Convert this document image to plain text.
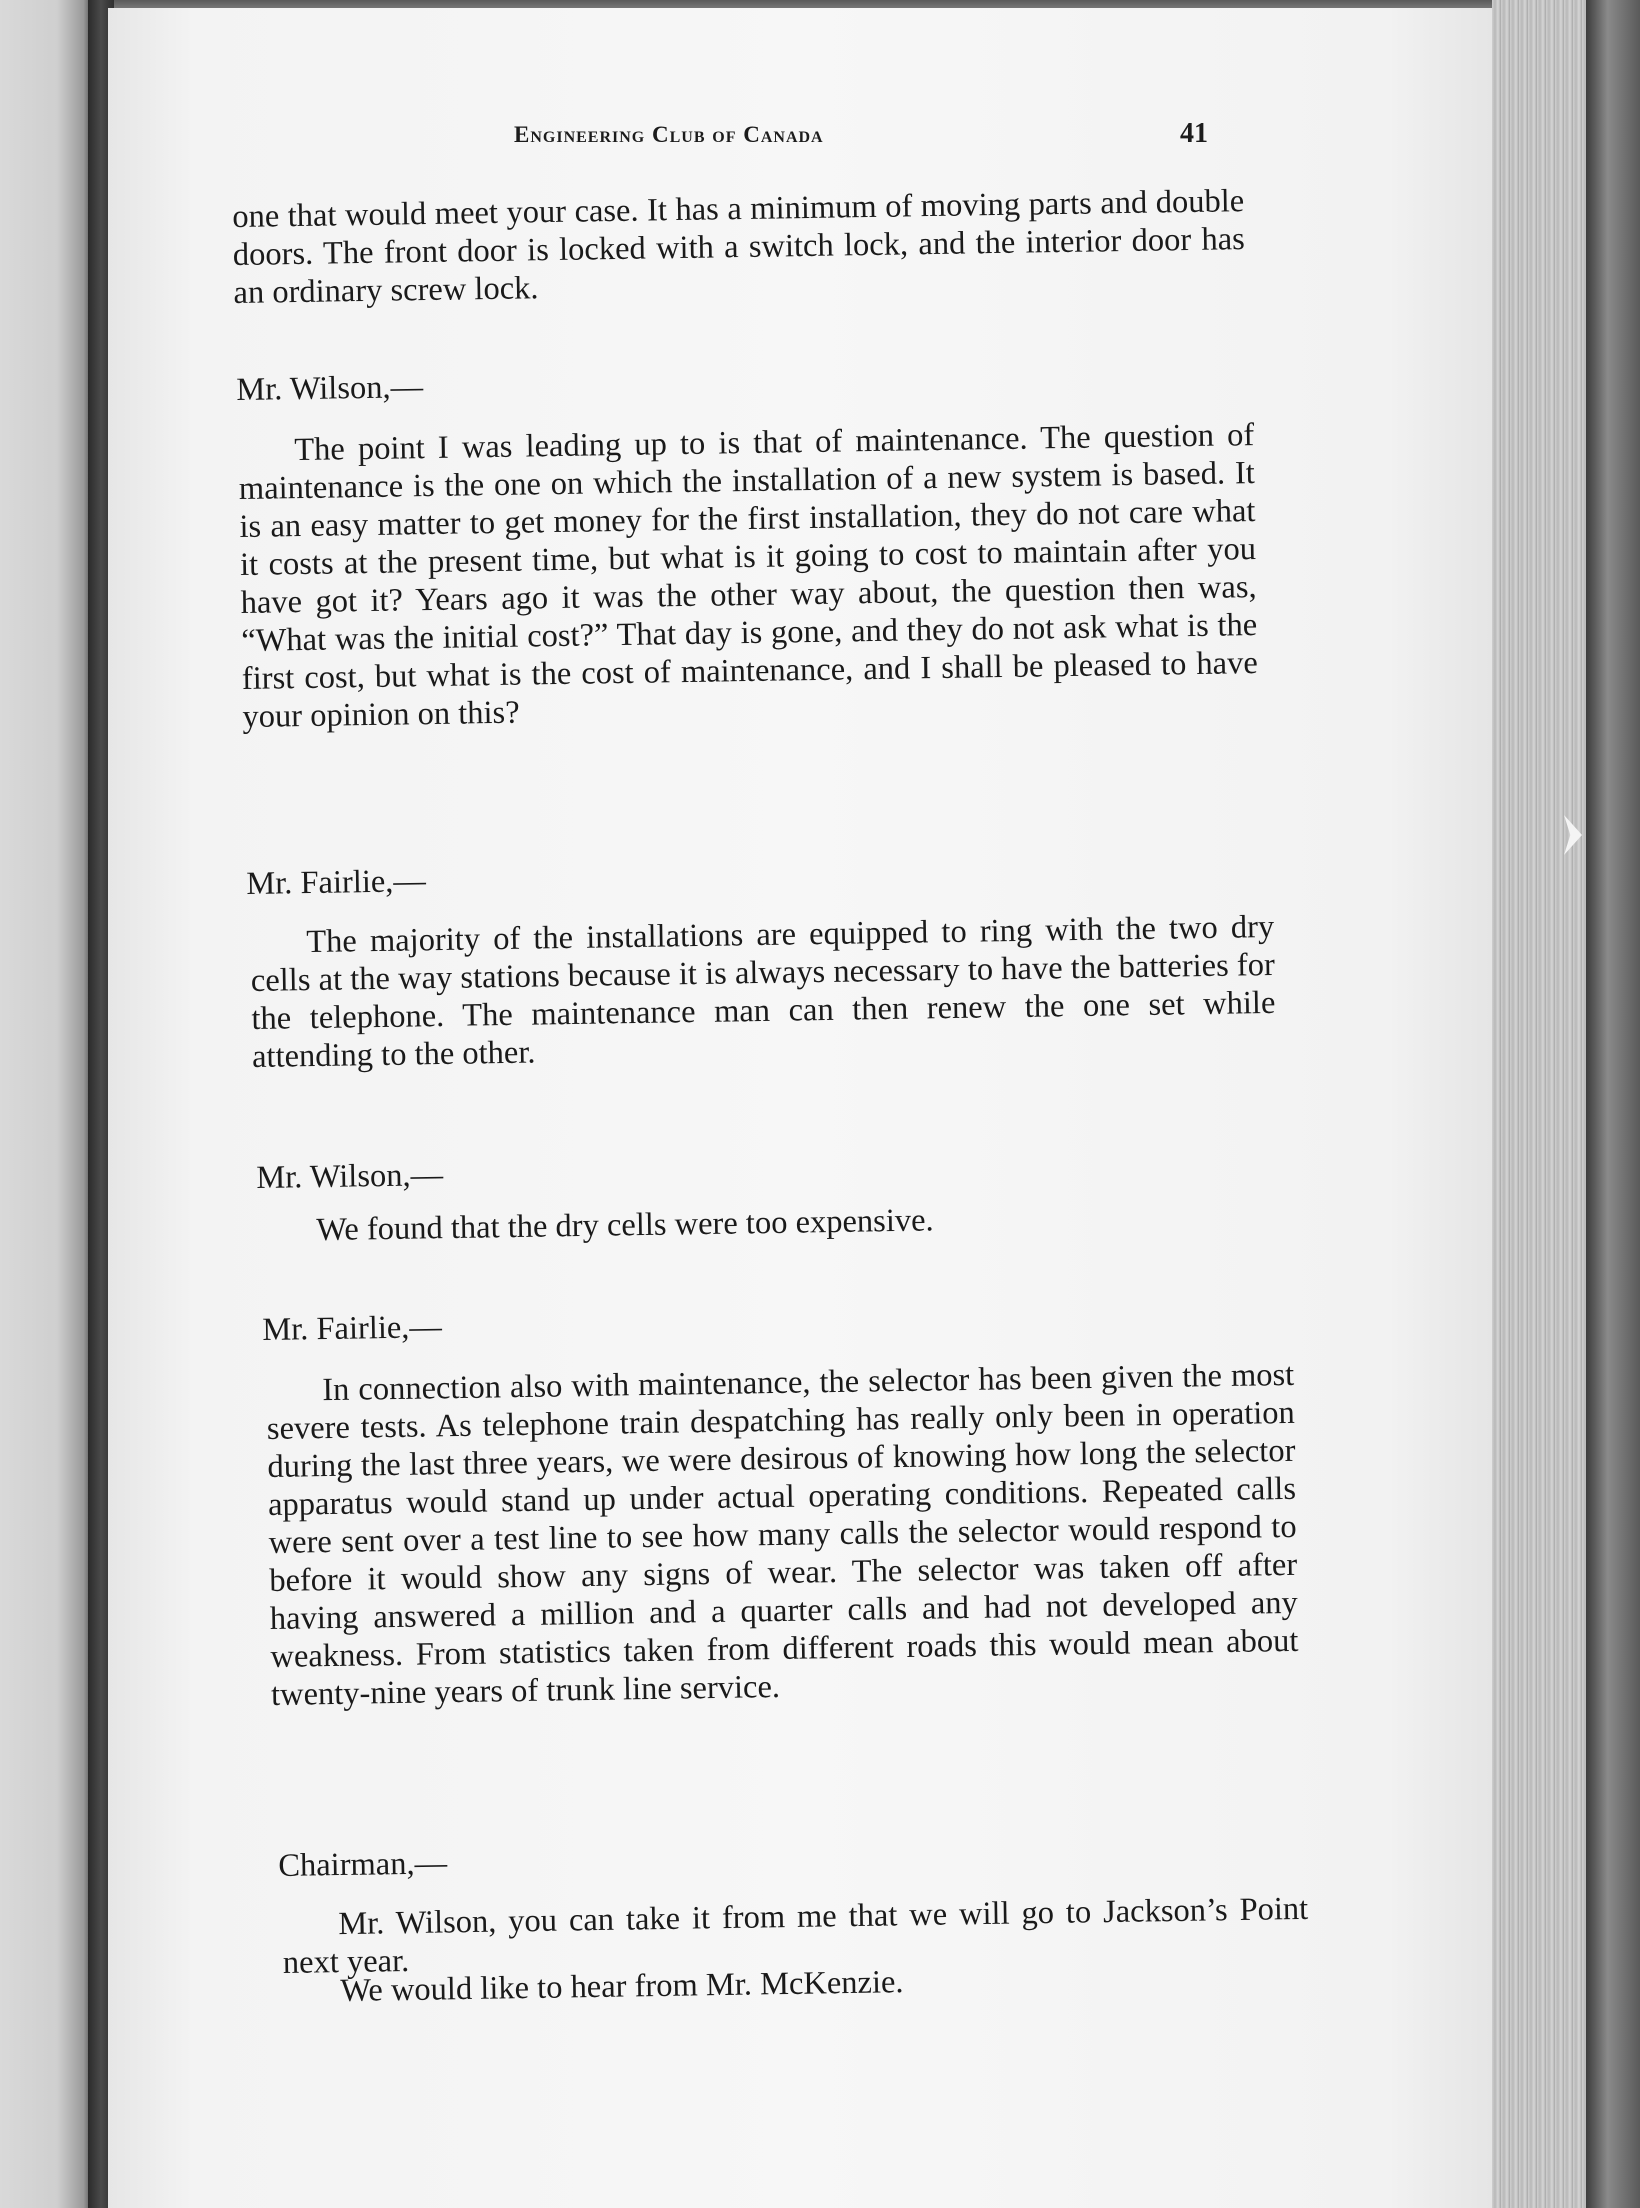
Engineering Club of Canada	41
one that would meet your case. It has a minimum of moving parts and double doors. The front door is locked with a switch lock, and the interior door has an ordinary screw lock.
Mr. Wilson,—
The point I was leading up to is that of maintenance. The question of maintenance is the one on which the installation of a new system is based. It is an easy matter to get money for the first installation, they do not care what it costs at the present time, but what is it going to cost to maintain after you have got it? Years ago it was the other way about, the question then was, “What was the initial cost?” That day is gone, and they do not ask what is the first cost, but what is the cost of maintenance, and I shall be pleased to have your opinion on this?
Mr. Fairlie,—
The majority of the installations are equipped to ring with the two dry cells at the way stations because it is always necessary to have the batteries for the telephone. The maintenance man can then renew the one set while attending to the other.
Mr. Wilson,—
We found that the dry cells were too expensive.
Mr. Fairlie,—
In connection also with maintenance, the selector has been given the most severe tests. As telephone train despatching has really only been in operation during the last three years, we were desirous of knowing how long the selector apparatus would stand up under actual operating conditions. Repeated calls were sent over a test line to see how many calls the selector would respond to before it would show any signs of wear. The selector was taken off after having answered a million and a quarter calls and had not developed any weakness. From statistics taken from different roads this would mean about twenty-nine years of trunk line service.
Chairman,—
Mr. Wilson, you can take it from me that we will go to Jackson’s Point next year.
We would like to hear from Mr. McKenzie.
